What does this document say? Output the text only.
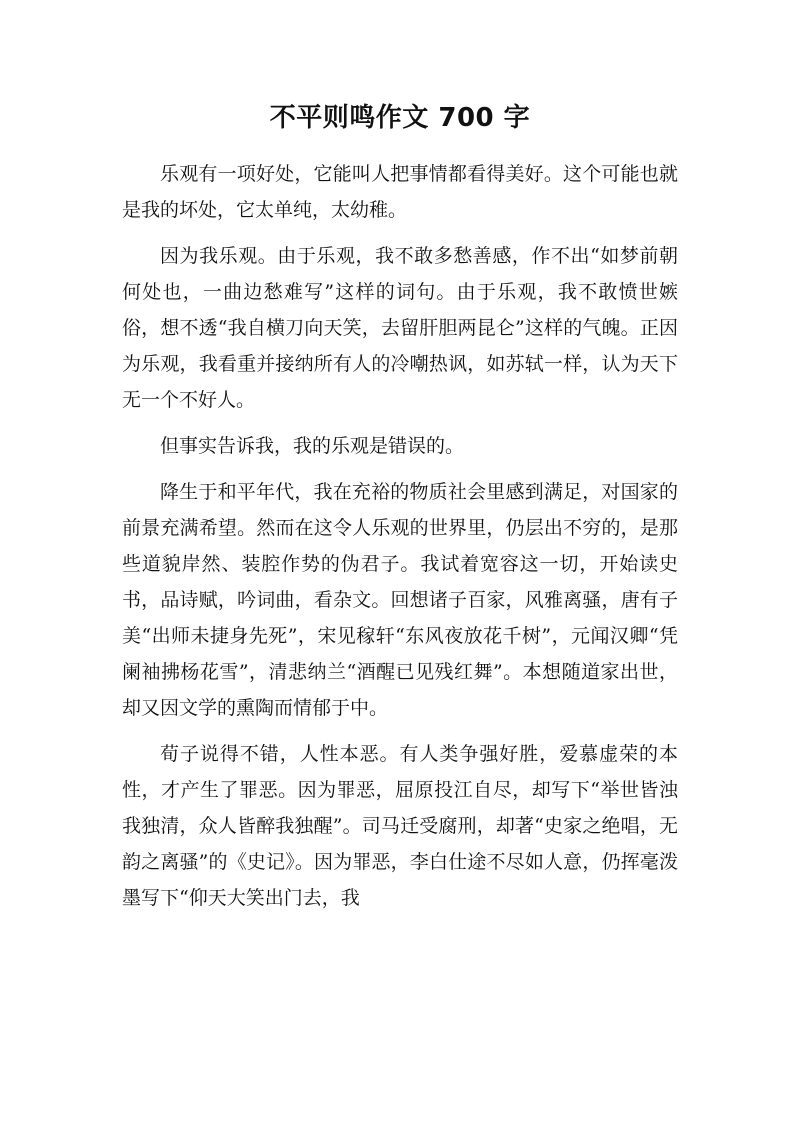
不平则鸣作文 700 字

乐观有一项好处，它能叫人把事情都看得美好。这个可能也就是我的坏处，它太单纯，太幼稚。

因为我乐观。由于乐观，我不敢多愁善感，作不出“如梦前朝何处也，一曲边愁难写”这样的词句。由于乐观，我不敢愤世嫉俗，想不透“我自横刀向天笑，去留肝胆两昆仑”这样的气魄。正因为乐观，我看重并接纳所有人的冷嘲热讽，如苏轼一样，认为天下无一个不好人。

但事实告诉我，我的乐观是错误的。

降生于和平年代，我在充裕的物质社会里感到满足，对国家的前景充满希望。然而在这令人乐观的世界里，仍层出不穷的，是那些道貌岸然、装腔作势的伪君子。我试着宽容这一切，开始读史书，品诗赋，吟词曲，看杂文。回想诸子百家，风雅离骚，唐有子美“出师未捷身先死”，宋见稼轩“东风夜放花千树”，元闻汉卿“凭阑袖拂杨花雪”，清悲纳兰“酒醒已见残红舞”。本想随道家出世，却又因文学的熏陶而情郁于中。

荀子说得不错，人性本恶。有人类争强好胜，爱慕虚荣的本性，才产生了罪恶。因为罪恶，屈原投江自尽，却写下“举世皆浊我独清，众人皆醉我独醒”。司马迁受腐刑，却著“史家之绝唱，无韵之离骚”的《史记》。因为罪恶，李白仕途不尽如人意，仍挥毫泼墨写下“仰天大笑出门去，我
